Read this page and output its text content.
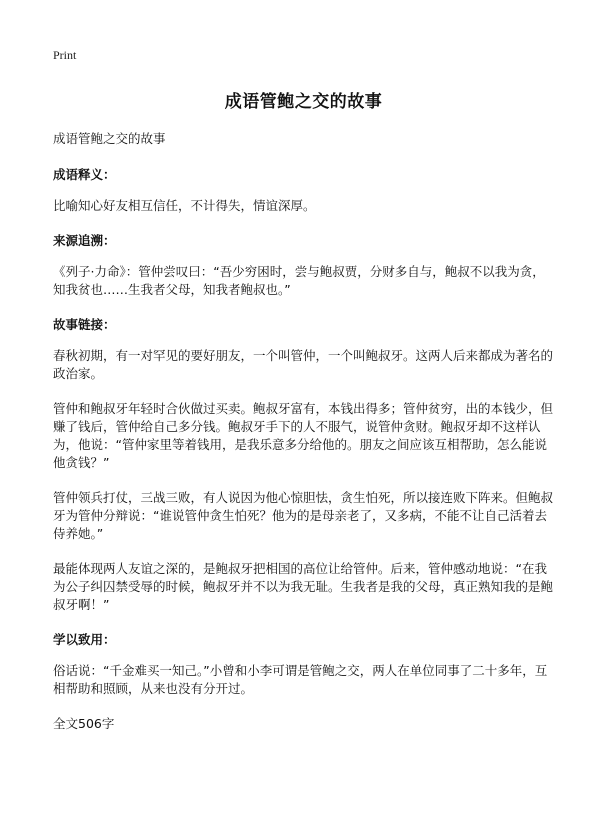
Print
成语管鲍之交的故事
成语管鲍之交的故事
成语释义：
比喻知心好友相互信任，不计得失，情谊深厚。
来源追溯：
《列子·力命》：管仲尝叹曰：“吾少穷困时，尝与鲍叔贾，分财多自与，鲍叔不以我为贪，知我贫也……生我者父母，知我者鲍叔也。”
故事链接：
春秋初期，有一对罕见的要好朋友，一个叫管仲，一个叫鲍叔牙。这两人后来都成为著名的政治家。
管仲和鲍叔牙年轻时合伙做过买卖。鲍叔牙富有，本钱出得多；管仲贫穷，出的本钱少，但赚了钱后，管仲给自己多分钱。鲍叔牙手下的人不服气，说管仲贪财。鲍叔牙却不这样认为，他说：“管仲家里等着钱用，是我乐意多分给他的。朋友之间应该互相帮助，怎么能说他贪钱？”
管仲领兵打仗，三战三败，有人说因为他心惊胆怯，贪生怕死，所以接连败下阵来。但鲍叔牙为管仲分辩说：“谁说管仲贪生怕死？他为的是母亲老了，又多病，不能不让自己活着去侍养她。”
最能体现两人友谊之深的，是鲍叔牙把相国的高位让给管仲。后来，管仲感动地说：“在我为公子纠囚禁受辱的时候，鲍叔牙并不以为我无耻。生我者是我的父母，真正熟知我的是鲍叔牙啊！”
学以致用：
俗话说：“千金难买一知己。”小曾和小李可谓是管鲍之交，两人在单位同事了二十多年，互相帮助和照顾，从来也没有分开过。
全文506字
